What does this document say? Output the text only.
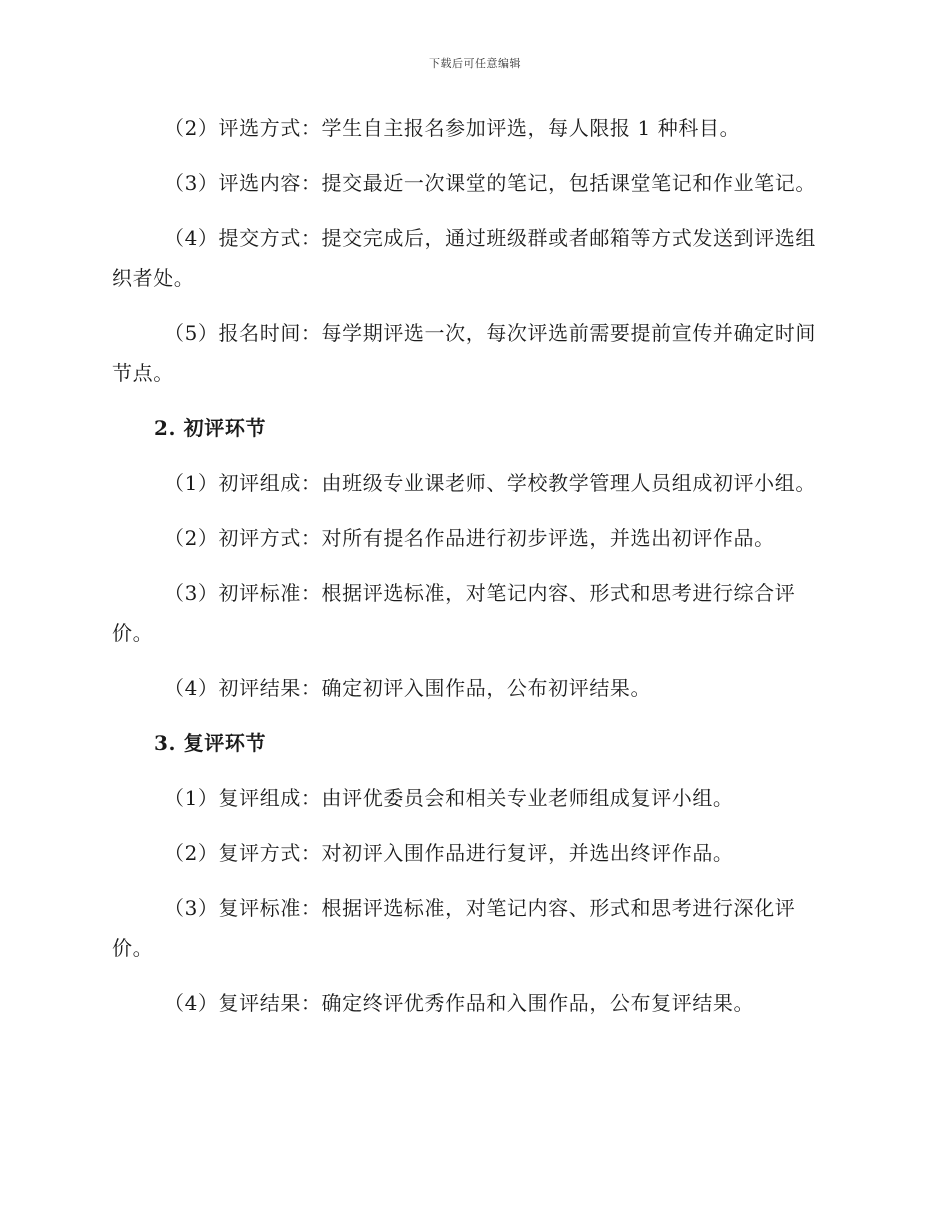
下载后可任意编辑

（2）评选方式：学生自主报名参加评选，每人限报 1 种科目。

（3）评选内容：提交最近一次课堂的笔记，包括课堂笔记和作业笔记。

（4）提交方式：提交完成后，通过班级群或者邮箱等方式发送到评选组织者处。

（5）报名时间：每学期评选一次，每次评选前需要提前宣传并确定时间节点。

2. 初评环节

（1）初评组成：由班级专业课老师、学校教学管理人员组成初评小组。

（2）初评方式：对所有提名作品进行初步评选，并选出初评作品。

（3）初评标准：根据评选标准，对笔记内容、形式和思考进行综合评价。

（4）初评结果：确定初评入围作品，公布初评结果。

3. 复评环节

（1）复评组成：由评优委员会和相关专业老师组成复评小组。

（2）复评方式：对初评入围作品进行复评，并选出终评作品。

（3）复评标准：根据评选标准，对笔记内容、形式和思考进行深化评价。

（4）复评结果：确定终评优秀作品和入围作品，公布复评结果。
